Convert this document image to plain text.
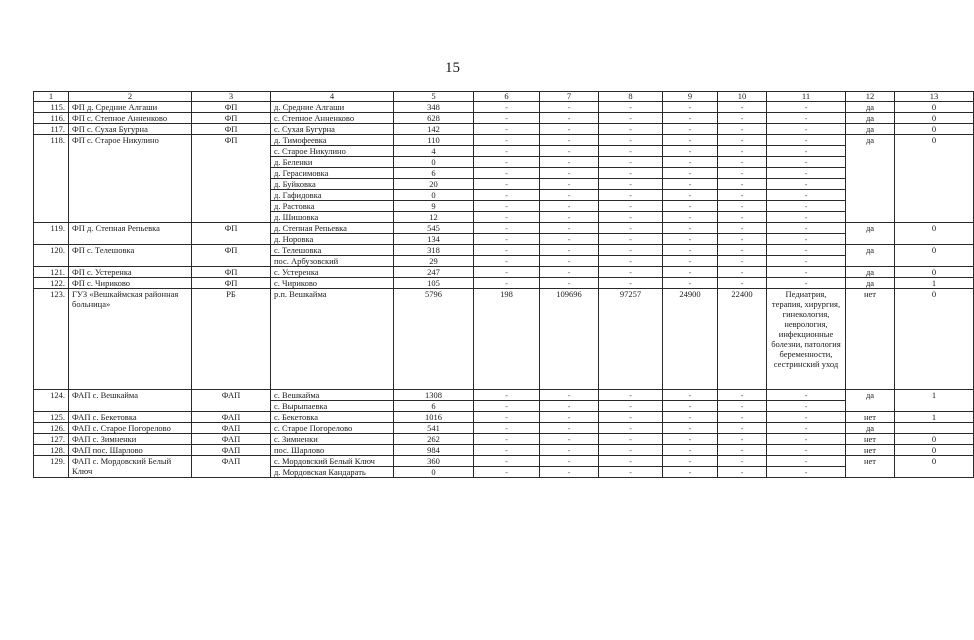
15
1	2	3	4	5	6	7	8	9	10	11	12	13
115.	ФП д. Средние Алгаши	ФП	д. Средние Алгаши	348	-	-	-	-	-	-	да	0
116.	ФП с. Степное Анненково	ФП	с. Степное Анненково	628	-	-	-	-	-	-	да	0
117.	ФП с. Сухая Бугурна	ФП	с. Сухая Бугурна	142	-	-	-	-	-	-	да	0
118.	ФП с. Старое Никулино	ФП	д. Тимофеевка	110	-	-	-	-	-	-	да	0
			с. Старое Никулино	4	-	-	-	-	-	-		
			д. Беленки	0	-	-	-	-	-	-		
			д. Герасимовка	6	-	-	-	-	-	-		
			д. Буйковка	20	-	-	-	-	-	-		
			д. Гафидовка	0	-	-	-	-	-	-		
			д. Растовка	9	-	-	-	-	-	-		
			д. Шишовка	12	-	-	-	-	-	-		
119.	ФП д. Степная Репьевка	ФП	д. Степная Репьевка	545	-	-	-	-	-	-	да	0
			д. Норовка	134	-	-	-	-	-	-		
120.	ФП с. Телешовка	ФП	с. Телешовка	318	-	-	-	-	-	-	да	0
			пос. Арбузовский	29	-	-	-	-	-	-		
121.	ФП с. Устеренка	ФП	с. Устеренка	247	-	-	-	-	-	-	да	0
122.	ФП с. Чириково	ФП	с. Чириково	105	-	-	-	-	-	-	да	1
123.	ГУЗ «Вешкаймская районная больница»	РБ	р.п. Вешкайма	5796	198	109696	97257	24900	22400	Педиатрия, терапия, хирургия, гинекология, неврология, инфекционные болезни, патология беременности, сестринский уход	нет	0
124.	ФАП с. Вешкайма	ФАП	с. Вешкайма	1308	-	-	-	-	-	-	да	1
			с. Вырыпаевка	6	-	-	-	-	-	-		
125.	ФАП с. Бекетовка	ФАП	с. Бекетовка	1016	-	-	-	-	-	-	нет	1
126.	ФАП с. Старое Погорелово	ФАП	с. Старое Погорелово	541	-	-	-	-	-	-	да	
127.	ФАП с. Зимненки	ФАП	с. Зимненки	262	-	-	-	-	-	-	нет	0
128.	ФАП пос. Шарлово	ФАП	пос. Шарлово	984	-	-	-	-	-	-	нет	0
129.	ФАП с. Мордовский Белый Ключ	ФАП	с. Мордовский Белый Ключ	360	-	-	-	-	-	-	нет	0
			д. Мордовская Кандарать	0	-	-	-	-	-	-		
